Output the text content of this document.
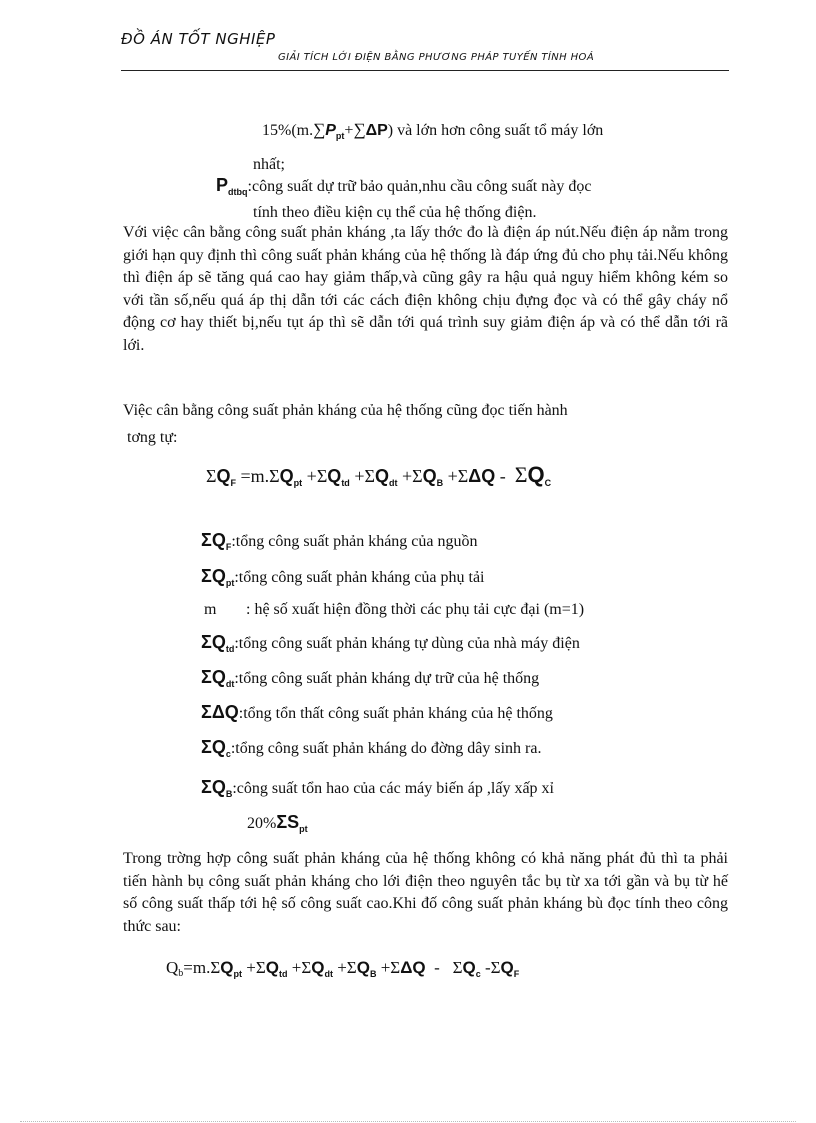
ĐỒ ÁN TỐT NGHIỆP
GIẢI TÍCH LỚI ĐIỆN BẰNG PHƯƠNG PHÁP TUYẾN TÍNH HOÁ
$15\%(m.\sum P_{pt}+\sum\Delta P)$ và lớn hơn công suất tổ máy lớn
nhất;
$P_{dtbq}:công$ suất dự trữ bảo quản,nhu cầu công suất này đọc
tính theo điều kiện cụ thể của hệ thống điện.
Với việc cân bằng công suất phản kháng ,ta lấy thớc đo là điện áp nút.Nếu điện áp nằm trong giới hạn quy định thì công suất phản kháng của hệ thống là đáp ứng đủ cho phụ tải.Nếu không thì điện áp sẽ tăng quá cao hay giảm thấp,và cũng gây ra hậu quả nguy hiểm không kém so với tần số,nếu quá áp thị dẫn tới các cách điện không chịu đựng đọc và có thể gây cháy nổ động cơ hay thiết bị,nếu tụt áp thì sẽ dẫn tới quá trình suy giảm điện áp và có thể dẫn tới rã lới.
Việc cân bằng công suất phản kháng của hệ thống cũng đọc tiến hành
tơng tự:
$\Sigma Q_F =m.\Sigma Q_{pt} +\Sigma Q_{td} +\Sigma Q_{dt} +\Sigma Q_B +\Sigma\Delta Q - \Sigma Q_C$
$\Sigma Q_F:tổng$ công suất phản kháng của nguồn
$\Sigma Q_{pt}:tổng$ công suất phản kháng của phụ tải
m : hệ số xuất hiện đồng thời các phụ tải cực đại (m=1)
$\Sigma Q_{td}:tổng$ công suất phản kháng tự dùng của nhà máy điện
$\Sigma Q_{dt}:tổng$ công suất phản kháng dự trữ của hệ thống
ΣΔQ:tổng tổn thất công suất phản kháng của hệ thống
$\Sigma Q_c:tổng$ công suất phản kháng do đờng dây sinh ra.
$\Sigma Q_B:công$ suất tổn hao của các máy biến áp ,lấy xấp xỉ
$20\%\Sigma S_{pt}$
Trong trờng hợp công suất phản kháng của hệ thống không có khả năng phát đủ thì ta phải tiến hành bụ công suất phản kháng cho lới điện theo nguyên tắc bụ từ xa tới gần và bụ từ hế số công suất thấp tới hệ số công suất cao.Khi đố công suất phản kháng bù đọc tính theo công thức sau:
$Qb=m.\Sigma Q_{pt} +\Sigma Q_{td} +\Sigma Q_{dt} +\Sigma Q_B +\Sigma\Delta Q - \Sigma Q_c$ $-\Sigma Q_F$
